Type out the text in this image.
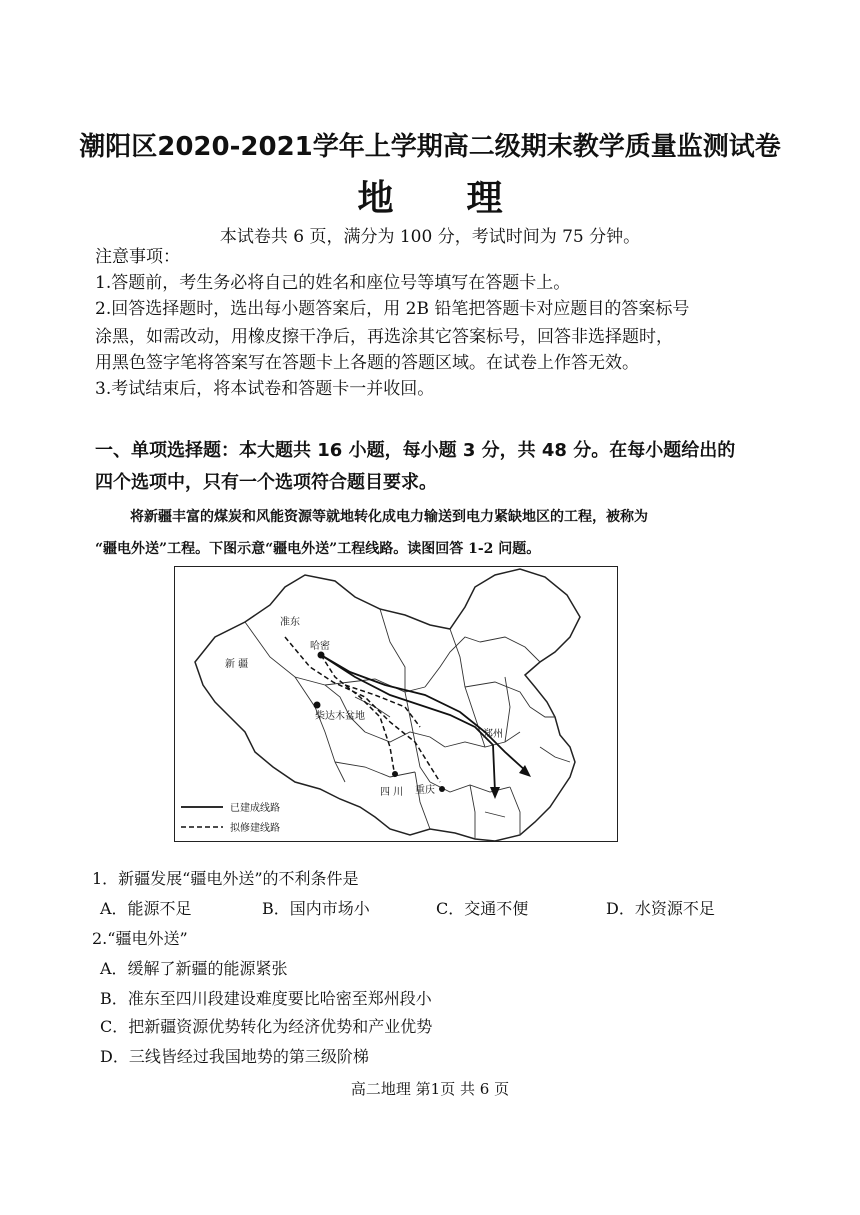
潮阳区2020-2021学年上学期高二级期末教学质量监测试卷
地 理
本试卷共 6 页，满分为 100 分，考试时间为 75 分钟。
注意事项：
1.答题前，考生务必将自己的姓名和座位号等填写在答题卡上。
2.回答选择题时，选出每小题答案后，用 2B 铅笔把答题卡对应题目的答案标号
涂黑，如需改动，用橡皮擦干净后，再选涂其它答案标号，回答非选择题时，
用黑色签字笔将答案写在答题卡上各题的答题区域。在试卷上作答无效。
3.考试结束后，将本试卷和答题卡一并收回。
一、单项选择题：本大题共 16 小题，每小题 3 分，共 48 分。在每小题给出的
四个选项中，只有一个选项符合题目要求。
将新疆丰富的煤炭和风能资源等就地转化成电力输送到电力紧缺地区的工程，被称为
“疆电外送”工程。下图示意“疆电外送”工程线路。读图回答 1-2 问题。
准东
哈密
新 疆
柴达木盆地
郑州
四 川 重庆
已建成线路
拟修建线路
1．新疆发展“疆电外送”的不利条件是
A．能源不足	B．国内市场小	C．交通不便	D．水资源不足
2.“疆电外送”
A．缓解了新疆的能源紧张
B．准东至四川段建设难度要比哈密至郑州段小
C．把新疆资源优势转化为经济优势和产业优势
D．三线皆经过我国地势的第三级阶梯
高二地理 第1页 共 6 页
